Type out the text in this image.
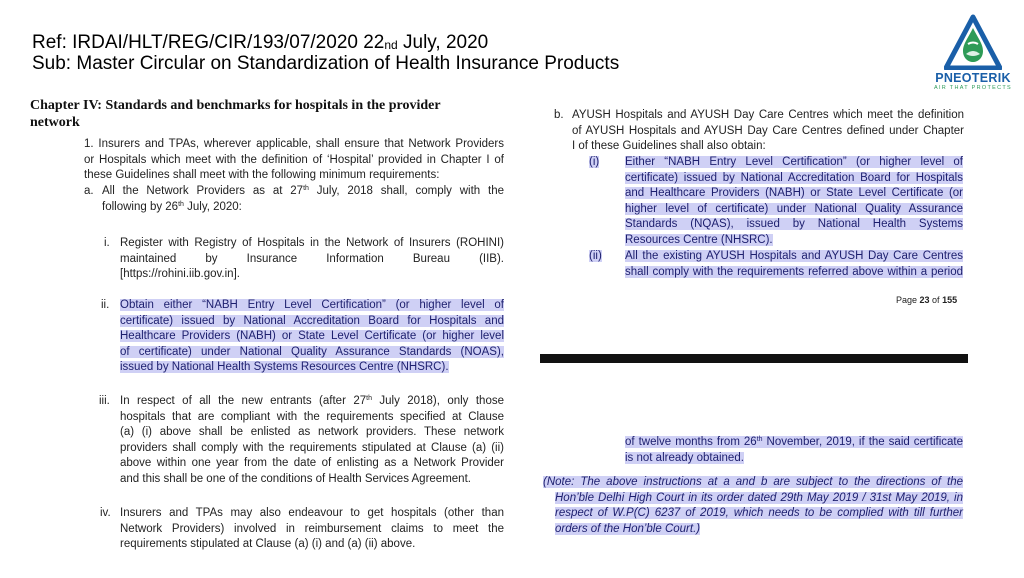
Ref: IRDAI/HLT/REG/CIR/193/07/2020 $22_{nd}$ July, 2020
Sub: Master Circular on Standardization of Health Insurance Products
PNEOTERIK
AIR THAT PROTECTS
Chapter IV: Standards and benchmarks for hospitals in the provider network
1. Insurers and TPAs, wherever applicable, shall ensure that Network Providers
or Hospitals which meet with the definition of ‘Hospital’ provided in Chapter I of
these Guidelines shall meet with the following minimum requirements:
a. All the Network Providers as at 27th July, 2018 shall, comply with the
following by 26th July, 2020:
i. Register with Registry of Hospitals in the Network of Insurers (ROHINI)
maintained by Insurance Information Bureau (IIB).
[https://rohini.iib.gov.in].
ii. Obtain either “NABH Entry Level Certification” (or higher level of
certificate) issued by National Accreditation Board for Hospitals and
Healthcare Providers (NABH) or State Level Certificate (or higher level
of certificate) under National Quality Assurance Standards (NOAS),
issued by National Health Systems Resources Centre (NHSRC).
iii. In respect of all the new entrants (after 27th July 2018), only those
hospitals that are compliant with the requirements specified at Clause
(a) (i) above shall be enlisted as network providers. These network
providers shall comply with the requirements stipulated at Clause (a) (ii)
above within one year from the date of enlisting as a Network Provider
and this shall be one of the conditions of Health Services Agreement.
iv. Insurers and TPAs may also endeavour to get hospitals (other than
Network Providers) involved in reimbursement claims to meet the
requirements stipulated at Clause (a) (i) and (a) (ii) above.
b. AYUSH Hospitals and AYUSH Day Care Centres which meet the definition
of AYUSH Hospitals and AYUSH Day Care Centres defined under Chapter
I of these Guidelines shall also obtain:
(i) Either “NABH Entry Level Certification” (or higher level of
certificate) issued by National Accreditation Board for Hospitals
and Healthcare Providers (NABH) or State Level Certificate (or
higher level of certificate) under National Quality Assurance
Standards (NQAS), issued by National Health Systems
Resources Centre (NHSRC).
(ii) All the existing AYUSH Hospitals and AYUSH Day Care Centres
shall comply with the requirements referred above within a period
Page 23 of 155
of twelve months from 26th November, 2019, if the said certificate
is not already obtained.
(Note: The above instructions at a and b are subject to the directions of the
Hon’ble Delhi High Court in its order dated 29th May 2019 / 31st May 2019, in
respect of W.P(C) 6237 of 2019, which needs to be complied with till further
orders of the Hon’ble Court.)
